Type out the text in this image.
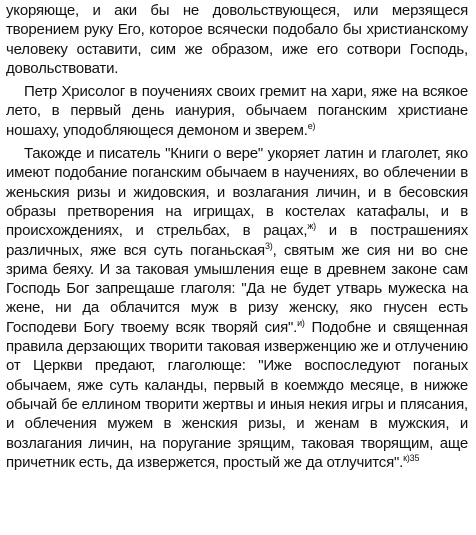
укоряюще, и аки бы не довольствующеся, или мерзящеся творением руку Его, которое всячески подобало бы христианскому человеку оставити, сим же образом, иже его сотвори Господь, довольствовати.

Петр Хрисолог в поучениях своих гремит на хари, яже на всякое лето, в первый день ианурия, обычаем поганским христиане ношаху, уподобляющеся демоном и зверем.$^{е)}$

Такожде и писатель "Книги о вере" укоряет латин и глаголет, яко имеют подобание поганским обычаем в научениях, во облечении в женьския ризы и жидовския, и возлагания личин, и в бесовския образы претворения на игрищах, в костелах катафалы, и в происхождениях, и стрельбах, в рацах,$^{ж)}$ и в пострашениях различных, яже вся суть поганьская$^{3)}$, святым же сия ни во сне зрима беяху. И за таковая умышления еще в древнем законе сам Господь Бог запрещаше глаголя: "Да не будет утварь мужеска на жене, ни да облачится муж в ризу женску, яко гнусен есть Господеви Богу твоему всяк творяй сия".$^{и)}$ Подобне и священная правила дерзающих творити таковая изверженцию же и отлучению от Церкви предают, глаголюще: "Иже воспоследуют поганых обычаем, яже суть каланды, первый в коемждо месяце, в нижже обычай бе еллином творити жертвы и иныя некия игры и плясания, и облечения мужем в женския ризы, и женам в мужския, и возлагания личин, на поругание зрящим, таковая творящим, аще причетник есть, да извержется, простый же да отлучится".$^{к)35}$
